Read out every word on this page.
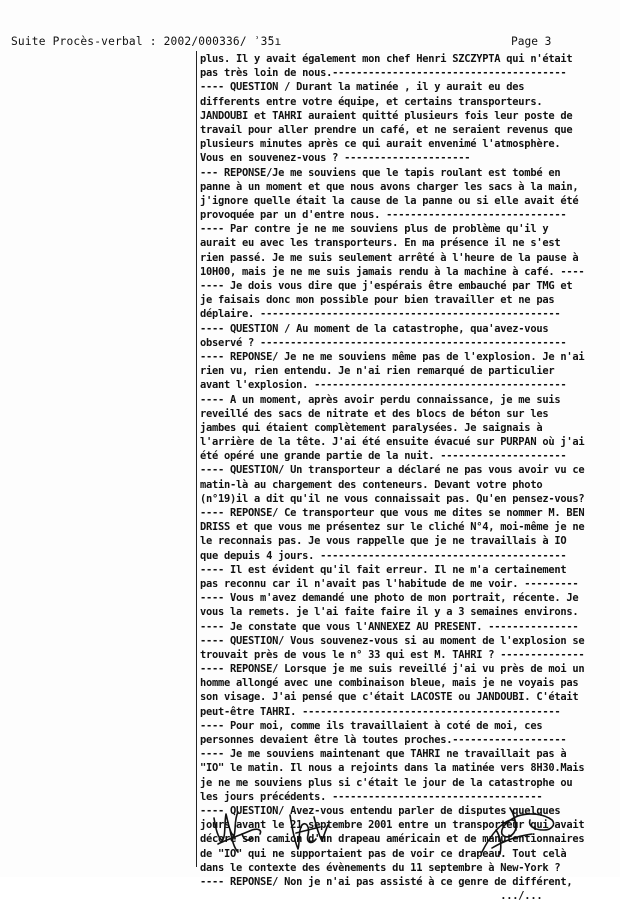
Suite Procès-verbal : 2002/000336/ ʾ3̃5ı	Page 3
plus. Il y avait également mon chef Henri SZCZYPTA qui n'était
pas très loin de nous.---------------------------------------
---- QUESTION / Durant la matinée , il y aurait eu des
differents entre votre équipe, et certains transporteurs.
JANDOUBI et TAHRI auraient quitté plusieurs fois leur poste de
travail pour aller prendre un café, et ne seraient revenus que
plusieurs minutes après ce qui aurait envenimé l'atmosphère.
Vous en souvenez-vous ? ---------------------
--- REPONSE/Je me souviens que le tapis roulant est tombé en
panne à un moment et que nous avons charger les sacs à la main,
j'ignore quelle était la cause de la panne ou si elle avait été
provoquée par un d'entre nous. ------------------------------
---- Par contre je ne me souviens plus de problème qu'il y
aurait eu avec les transporteurs. En ma présence il ne s'est
rien passé. Je me suis seulement arrêté à l'heure de la pause à
10H00, mais je ne me suis jamais rendu à la machine à café. ----
---- Je dois vous dire que j'espérais être embauché par TMG et
je faisais donc mon possible pour bien travailler et ne pas
déplaire. --------------------------------------------------
---- QUESTION / Au moment de la catastrophe, qua'avez-vous
observé ? ---------------------------------------------------
---- REPONSE/ Je ne me souviens même pas de l'explosion. Je n'ai
rien vu, rien entendu. Je n'ai rien remarqué de particulier
avant l'explosion. ------------------------------------------
---- A un moment, après avoir perdu connaissance, je me suis
reveillé des sacs de nitrate et des blocs de béton sur les
jambes qui étaient complètement paralysées. Je saignais à
l'arrière de la tête. J'ai été ensuite évacué sur PURPAN où j'ai
été opéré une grande partie de la nuit. ---------------------
---- QUESTION/ Un transporteur a déclaré ne pas vous avoir vu ce
matin-là au chargement des conteneurs. Devant votre photo
(n°19)il a dit qu'il ne vous connaissait pas. Qu'en pensez-vous?
---- REPONSE/ Ce transporteur que vous me dites se nommer M. BEN
DRISS et que vous me présentez sur le cliché N°4, moi-même je ne
le reconnais pas. Je vous rappelle que je ne travaillais à IO
que depuis 4 jours. -----------------------------------------
---- Il est évident qu'il fait erreur. Il ne m'a certainement
pas reconnu car il n'avait pas l'habitude de me voir. ---------
---- Vous m'avez demandé une photo de mon portrait, récente. Je
vous la remets. je l'ai faite faire il y a 3 semaines environs.
---- Je constate que vous l'ANNEXEZ AU PRESENT. ---------------
---- QUESTION/ Vous souvenez-vous si au moment de l'explosion se
trouvait près de vous le n° 33 qui est M. TAHRI ? --------------
---- REPONSE/ Lorsque je me suis reveillé j'ai vu près de moi un
homme allongé avec une combinaison bleue, mais je ne voyais pas
son visage. J'ai pensé que c'était LACOSTE ou JANDOUBI. C'était
peut-être TAHRI. -------------------------------------------
---- Pour moi, comme ils travaillaient à coté de moi, ces
personnes devaient être là toutes proches.-------------------
---- Je me souviens maintenant que TAHRI ne travaillait pas à
"IO" le matin. Il nous a rejoints dans la matinée vers 8H30.Mais
je ne me souviens plus si c'était le jour de la catastrophe ou
les jours précédents. -----------------------------------
---- QUESTION/ Avez-vous entendu parler de disputes quelques
jours avant le 21 septembre 2001 entre un transporteur qui avait
décoré son camion d'un drapeau américain et de manutentionnaires
de "IO" qui ne supportaient pas de voir ce drapeau. Tout celà
dans le contexte des évènements du 11 septembre à New-York ?
---- REPONSE/ Non je n'ai pas assisté à ce genre de différent,
.../...
